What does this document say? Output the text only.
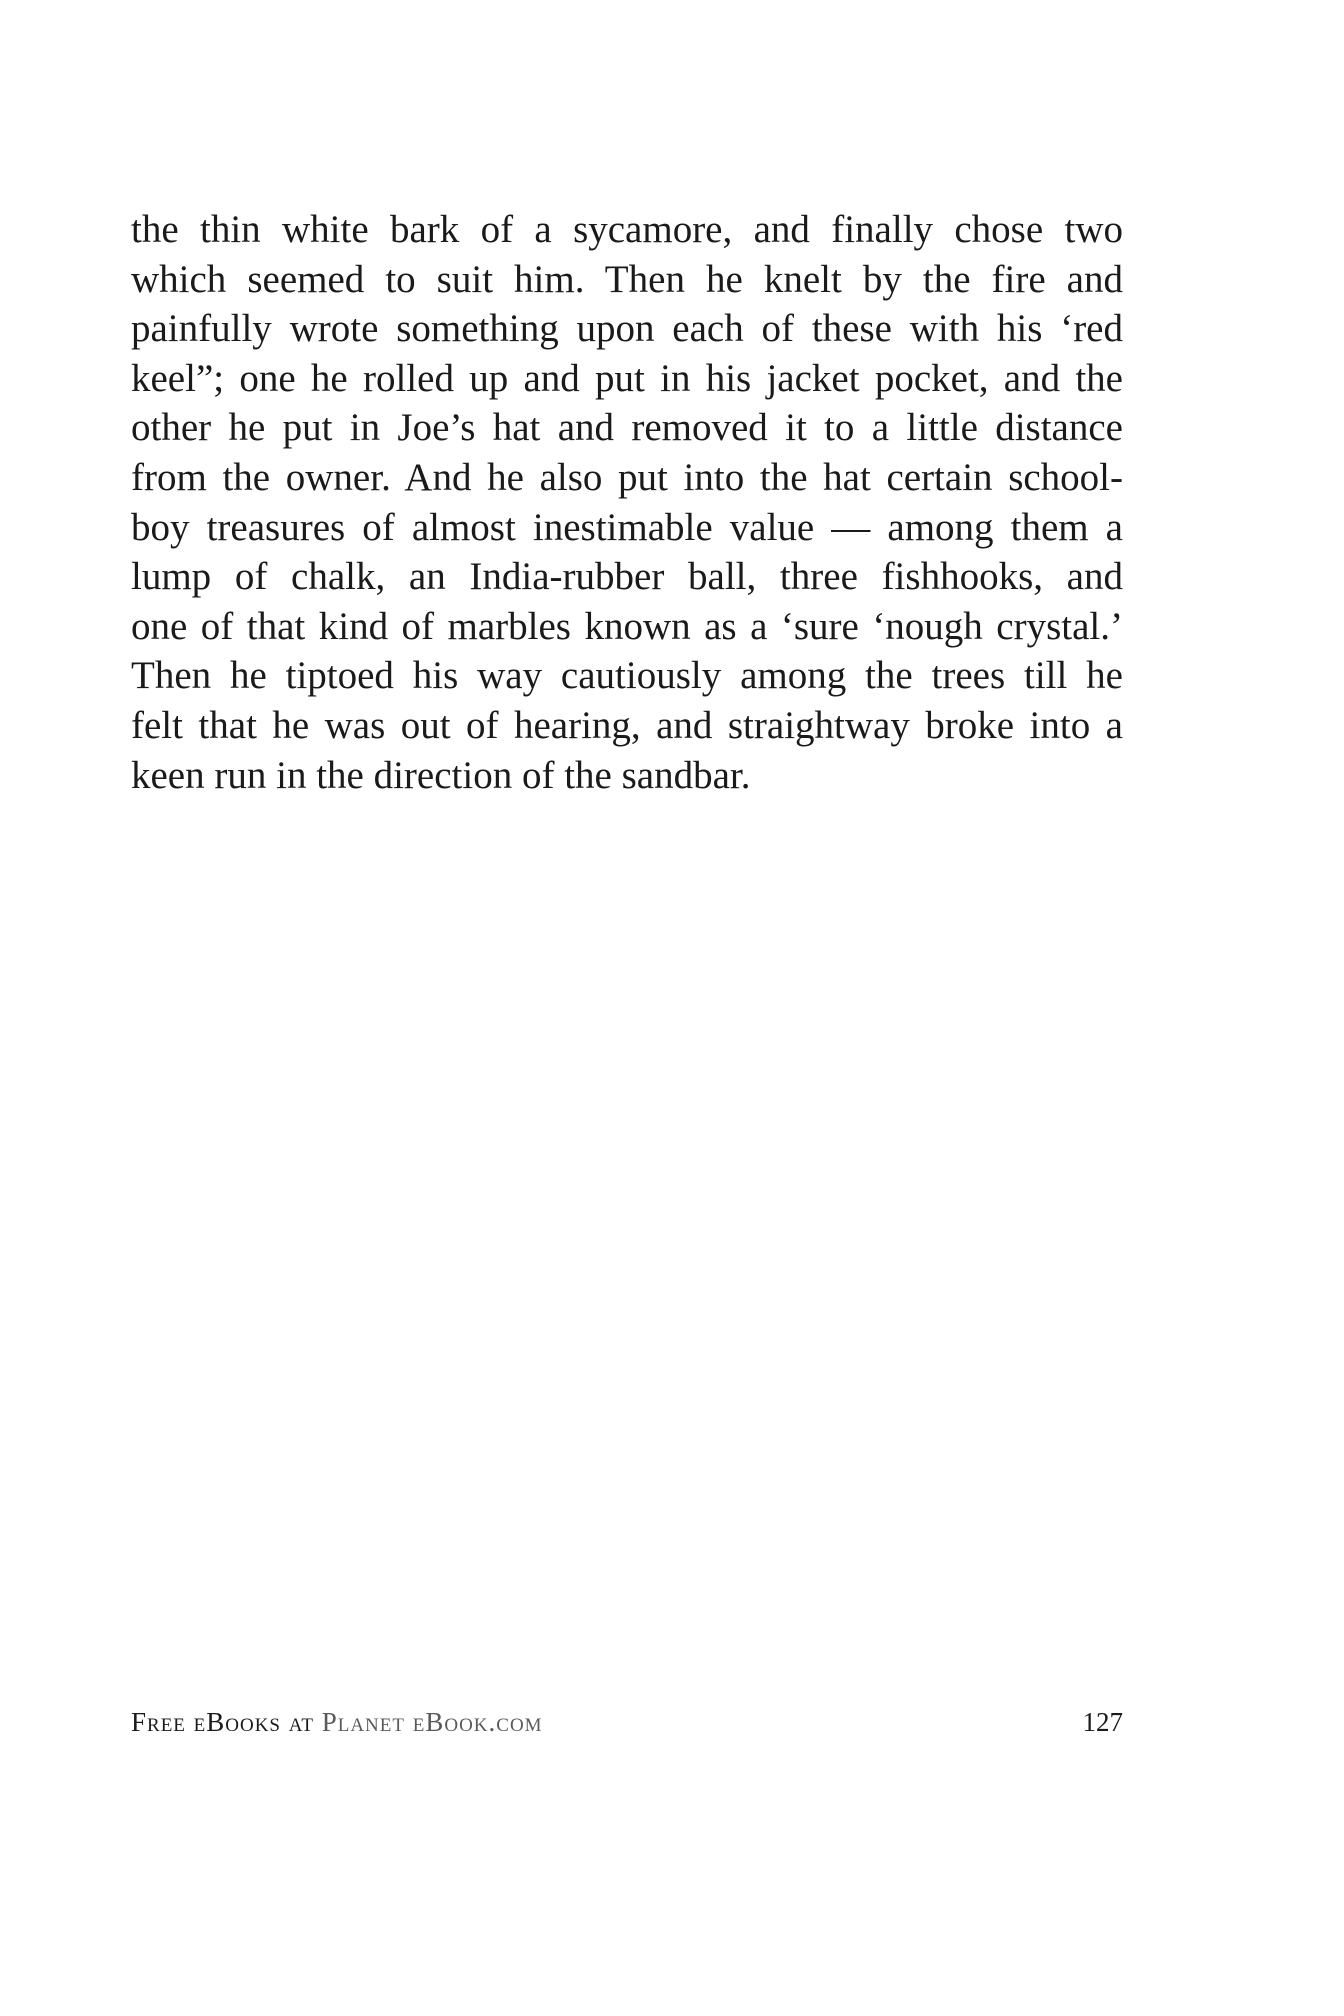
the thin white bark of a sycamore, and finally chose two
which seemed to suit him. Then he knelt by the fire and
painfully wrote something upon each of these with his ‘red
keel”; one he rolled up and put in his jacket pocket, and the
other he put in Joe’s hat and removed it to a little distance
from the owner. And he also put into the hat certain school-
boy treasures of almost inestimable value — among them a
lump of chalk, an India-rubber ball, three fishhooks, and
one of that kind of marbles known as a ‘sure ‘nough crystal.’
Then he tiptoed his way cautiously among the trees till he
felt that he was out of hearing, and straightway broke into a
keen run in the direction of the sandbar.
Free eBooks at Planet eBook.com	127
